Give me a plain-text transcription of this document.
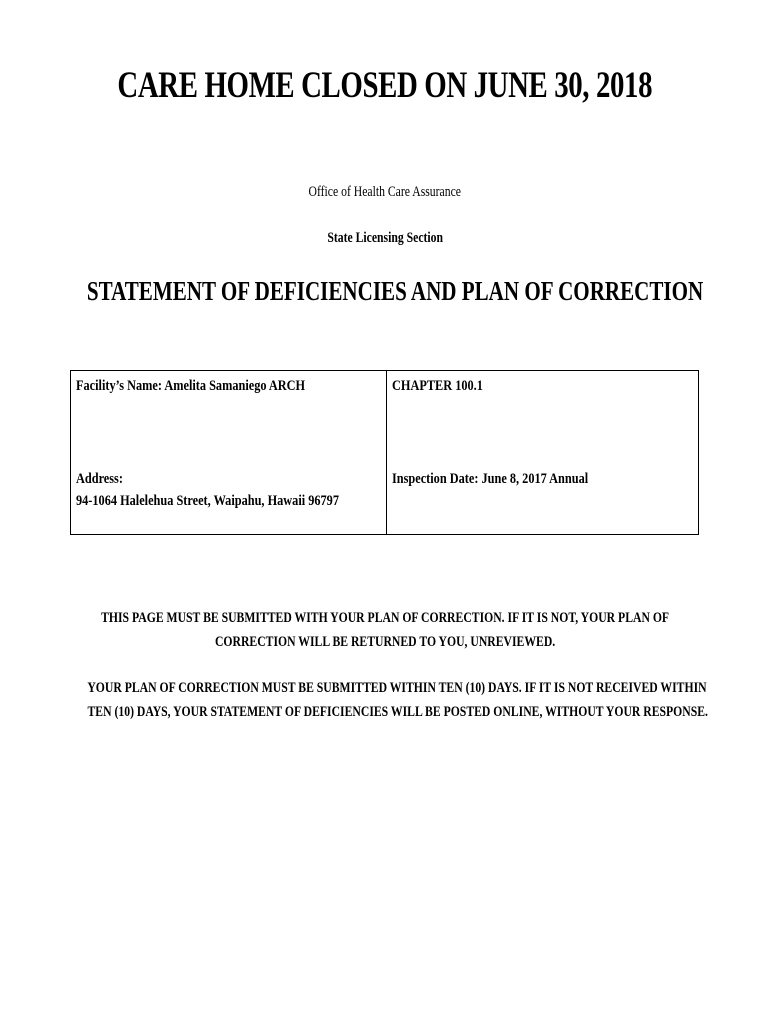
CARE HOME CLOSED ON JUNE 30, 2018
Office of Health Care Assurance
State Licensing Section
STATEMENT OF DEFICIENCIES AND PLAN OF CORRECTION
Facility’s Name: Amelita Samaniego ARCH	CHAPTER 100.1
Address:
94-1064 Halelehua Street, Waipahu, Hawaii 96797
Inspection Date: June 8, 2017 Annual
THIS PAGE MUST BE SUBMITTED WITH YOUR PLAN OF CORRECTION. IF IT IS NOT, YOUR PLAN OF
CORRECTION WILL BE RETURNED TO YOU, UNREVIEWED.
YOUR PLAN OF CORRECTION MUST BE SUBMITTED WITHIN TEN (10) DAYS. IF IT IS NOT RECEIVED WITHIN
TEN (10) DAYS, YOUR STATEMENT OF DEFICIENCIES WILL BE POSTED ONLINE, WITHOUT YOUR RESPONSE.
